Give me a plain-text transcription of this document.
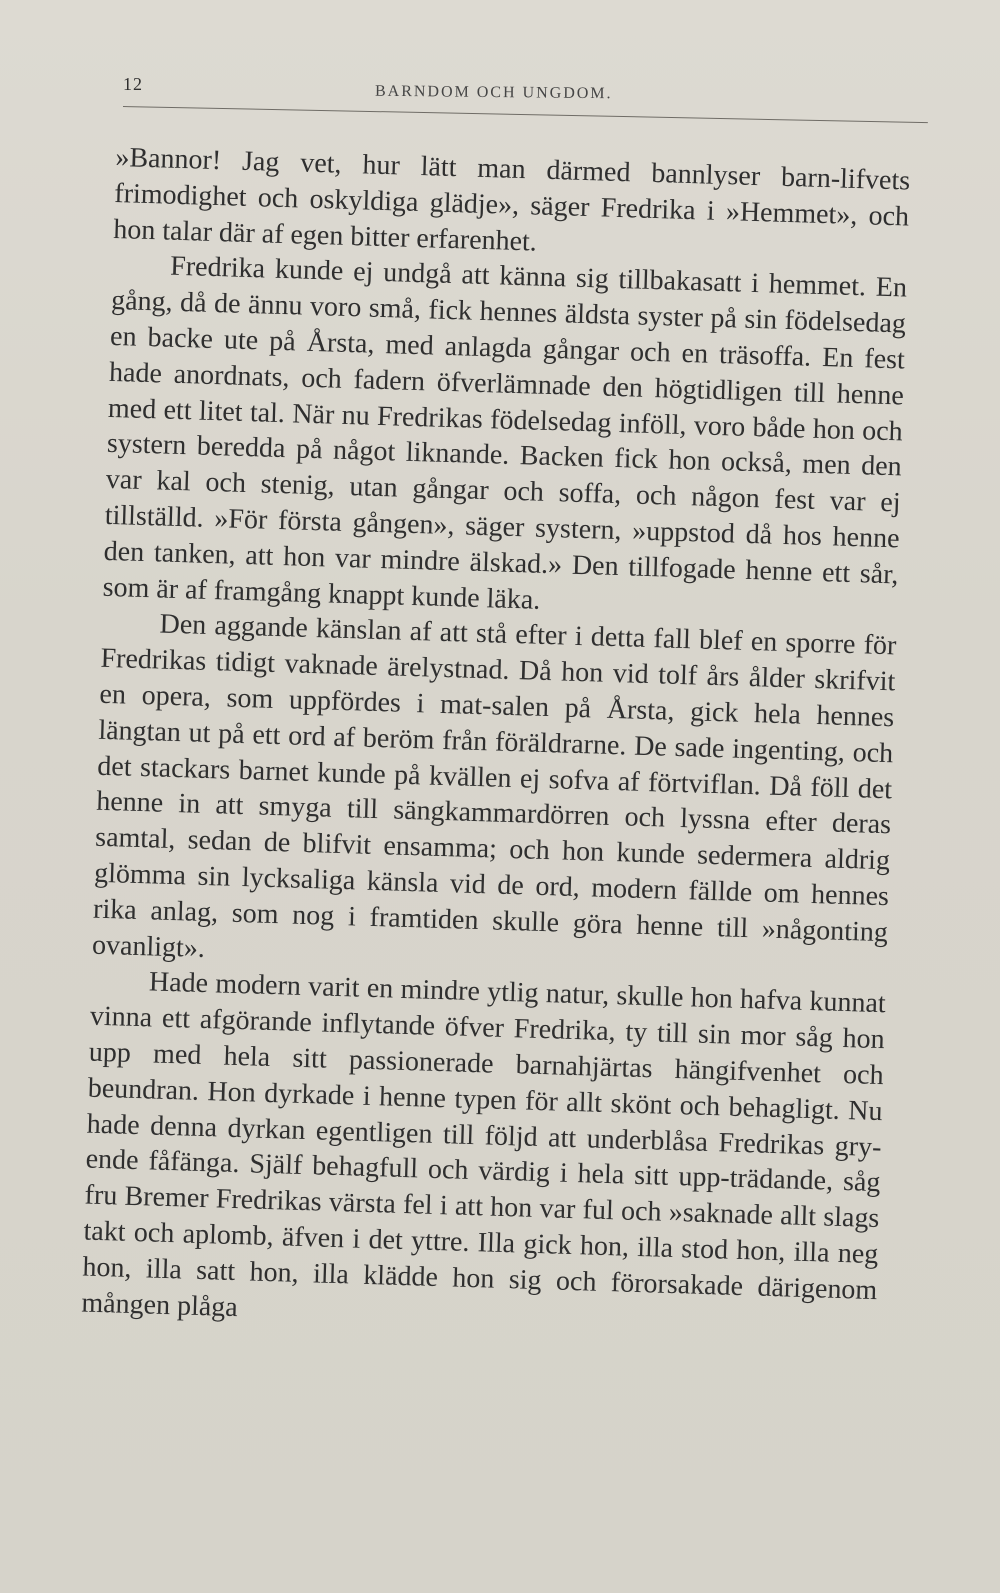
12	BARNDOM OCH UNGDOM.

»Bannor! Jag vet, hur lätt man därmed bannlyser barn-lifvets frimodighet och oskyldiga glädje», säger Fredrika i »Hemmet», och hon talar där af egen bitter erfarenhet.

Fredrika kunde ej undgå att känna sig tillbakasatt i hemmet. En gång, då de ännu voro små, fick hennes äldsta syster på sin födelsedag en backe ute på Årsta, med anlagda gångar och en träsoffa. En fest hade anordnats, och fadern öfverlämnade den högtidligen till henne med ett litet tal. När nu Fredrikas födelsedag inföll, voro både hon och systern beredda på något liknande. Backen fick hon också, men den var kal och stenig, utan gångar och soffa, och någon fest var ej tillställd. »För första gången», säger systern, »uppstod då hos henne den tanken, att hon var mindre älskad.» Den tillfogade henne ett sår, som är af framgång knappt kunde läka.

Den aggande känslan af att stå efter i detta fall blef en sporre för Fredrikas tidigt vaknade ärelystnad. Då hon vid tolf års ålder skrifvit en opera, som uppfördes i mat-salen på Årsta, gick hela hennes längtan ut på ett ord af beröm från föräldrarne. De sade ingenting, och det stackars barnet kunde på kvällen ej sofva af förtviflan. Då föll det henne in att smyga till sängkammardörren och lyssna efter deras samtal, sedan de blifvit ensamma; och hon kunde sedermera aldrig glömma sin lycksaliga känsla vid de ord, modern fällde om hennes rika anlag, som nog i framtiden skulle göra henne till »någonting ovanligt».

Hade modern varit en mindre ytlig natur, skulle hon hafva kunnat vinna ett afgörande inflytande öfver Fredrika, ty till sin mor såg hon upp med hela sitt passionerade barnahjärtas hängifvenhet och beundran. Hon dyrkade i henne typen för allt skönt och behagligt. Nu hade denna dyrkan egentligen till följd att underblåsa Fredrikas gry-ende fåfänga. Själf behagfull och värdig i hela sitt upp-trädande, såg fru Bremer Fredrikas värsta fel i att hon var ful och »saknade allt slags takt och aplomb, äfven i det yttre. Illa gick hon, illa stod hon, illa neg hon, illa satt hon, illa klädde hon sig och förorsakade därigenom mången plåga
